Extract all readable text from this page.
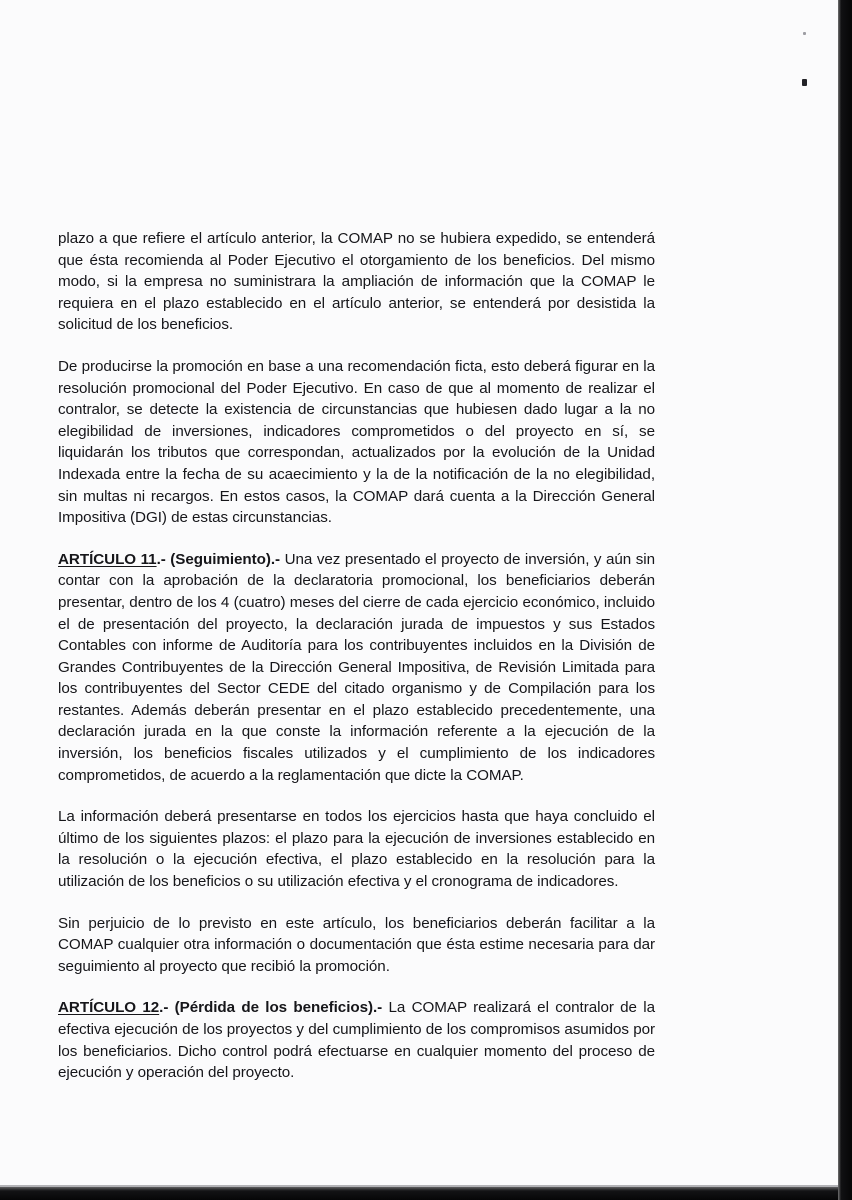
plazo a que refiere el artículo anterior, la COMAP no se hubiera expedido, se entenderá que ésta recomienda al Poder Ejecutivo el otorgamiento de los beneficios. Del mismo modo, si la empresa no suministrara la ampliación de información que la COMAP le requiera en el plazo establecido en el artículo anterior, se entenderá por desistida la solicitud de los beneficios.

De producirse la promoción en base a una recomendación ficta, esto deberá figurar en la resolución promocional del Poder Ejecutivo. En caso de que al momento de realizar el contralor, se detecte la existencia de circunstancias que hubiesen dado lugar a la no elegibilidad de inversiones, indicadores comprometidos o del proyecto en sí, se liquidarán los tributos que correspondan, actualizados por la evolución de la Unidad Indexada entre la fecha de su acaecimiento y la de la notificación de la no elegibilidad, sin multas ni recargos. En estos casos, la COMAP dará cuenta a la Dirección General Impositiva (DGI) de estas circunstancias.

ARTÍCULO 11.- (Seguimiento).- Una vez presentado el proyecto de inversión, y aún sin contar con la aprobación de la declaratoria promocional, los beneficiarios deberán presentar, dentro de los 4 (cuatro) meses del cierre de cada ejercicio económico, incluido el de presentación del proyecto, la declaración jurada de impuestos y sus Estados Contables con informe de Auditoría para los contribuyentes incluidos en la División de Grandes Contribuyentes de la Dirección General Impositiva, de Revisión Limitada para los contribuyentes del Sector CEDE del citado organismo y de Compilación para los restantes. Además deberán presentar en el plazo establecido precedentemente, una declaración jurada en la que conste la información referente a la ejecución de la inversión, los beneficios fiscales utilizados y el cumplimiento de los indicadores comprometidos, de acuerdo a la reglamentación que dicte la COMAP.

La información deberá presentarse en todos los ejercicios hasta que haya concluido el último de los siguientes plazos: el plazo para la ejecución de inversiones establecido en la resolución o la ejecución efectiva, el plazo establecido en la resolución para la utilización de los beneficios o su utilización efectiva y el cronograma de indicadores.

Sin perjuicio de lo previsto en este artículo, los beneficiarios deberán facilitar a la COMAP cualquier otra información o documentación que ésta estime necesaria para dar seguimiento al proyecto que recibió la promoción.

ARTÍCULO 12.- (Pérdida de los beneficios).- La COMAP realizará el contralor de la efectiva ejecución de los proyectos y del cumplimiento de los compromisos asumidos por los beneficiarios. Dicho control podrá efectuarse en cualquier momento del proceso de ejecución y operación del proyecto.
